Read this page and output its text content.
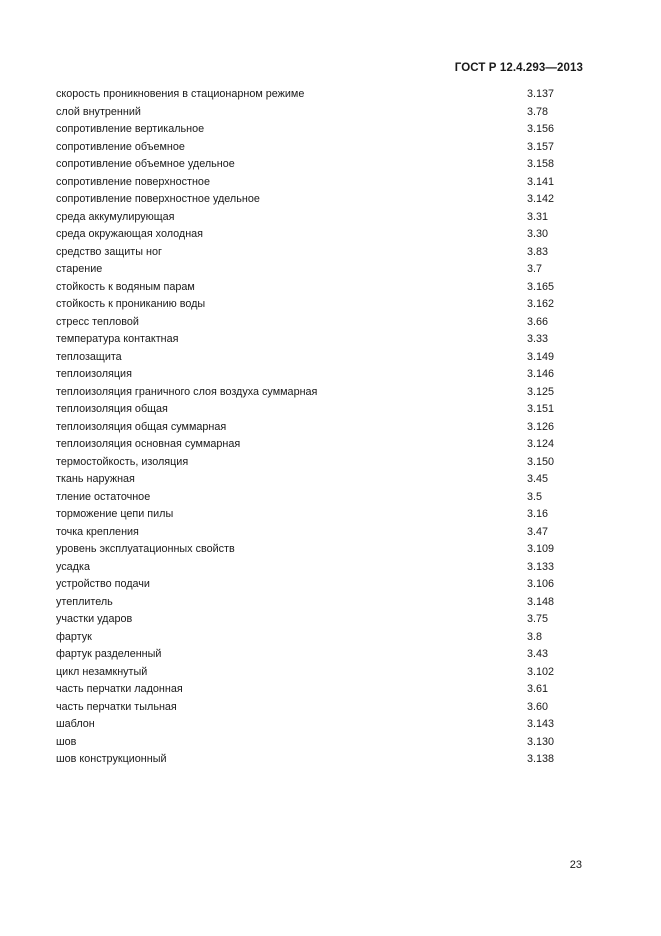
ГОСТ Р 12.4.293—2013
скорость проникновения в стационарном режиме	3.137
слой внутренний	3.78
сопротивление вертикальное	3.156
сопротивление объемное	3.157
сопротивление объемное удельное	3.158
сопротивление поверхностное	3.141
сопротивление поверхностное удельное	3.142
среда аккумулирующая	3.31
среда окружающая холодная	3.30
средство защиты ног	3.83
старение	3.7
стойкость к водяным парам	3.165
стойкость к прониканию воды	3.162
стресс тепловой	3.66
температура контактная	3.33
теплозащита	3.149
теплоизоляция	3.146
теплоизоляция граничного слоя воздуха суммарная	3.125
теплоизоляция общая	3.151
теплоизоляция общая суммарная	3.126
теплоизоляция основная суммарная	3.124
термостойкость, изоляция	3.150
ткань наружная	3.45
тление остаточное	3.5
торможение цепи пилы	3.16
точка крепления	3.47
уровень эксплуатационных свойств	3.109
усадка	3.133
устройство подачи	3.106
утеплитель	3.148
участки ударов	3.75
фартук	3.8
фартук разделенный	3.43
цикл незамкнутый	3.102
часть перчатки ладонная	3.61
часть перчатки тыльная	3.60
шаблон	3.143
шов	3.130
шов конструкционный	3.138
23
